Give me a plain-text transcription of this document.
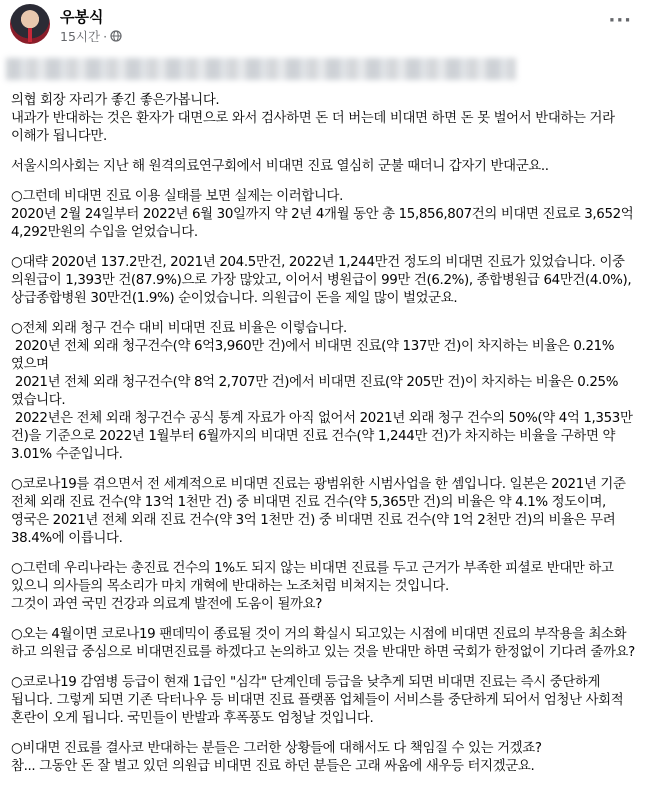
우봉식
15시간 ·
···

의협 회장 자리가 좋긴 좋은가봅니다.
내과가 반대하는 것은 환자가 대면으로 와서 검사하면 돈 더 버는데 비대면 하면 돈 못 벌어서 반대하는 거라 이해가 됩니다만.

서울시의사회는 지난 해 원격의료연구회에서 비대면 진료 열심히 군불 때더니 갑자기 반대군요..

○그런데 비대면 진료 이용 실태를 보면 실제는 이러합니다.
2020년 2월 24일부터 2022년 6월 30일까지 약 2년 4개월 동안 총 15,856,807건의 비대면 진료로 3,652억 4,292만원의 수입을 얻었습니다.

○대략 2020년 137.2만건, 2021년 204.5만건, 2022년 1,244만건 정도의 비대면 진료가 있었습니다. 이중 의원급이 1,393만 건(87.9%)으로 가장 많았고, 이어서 병원급이 99만 건(6.2%), 종합병원급 64만건(4.0%), 상급종합병원 30만건(1.9%) 순이었습니다. 의원급이 돈을 제일 많이 벌었군요.

○전체 외래 청구 건수 대비 비대면 진료 비율은 이렇습니다.
2020년 전체 외래 청구건수(약 6억3,960만 건)에서 비대면 진료(약 137만 건)이 차지하는 비율은 0.21% 였으며
2021년 전체 외래 청구건수(약 8억 2,707만 건)에서 비대면 진료(약 205만 건)이 차지하는 비율은 0.25% 였습니다.
2022년은 전체 외래 청구건수 공식 통계 자료가 아직 없어서 2021년 외래 청구 건수의 50%(약 4억 1,353만 건)을 기준으로 2022년 1월부터 6월까지의 비대면 진료 건수(약 1,244만 건)가 차지하는 비율을 구하면 약 3.01% 수준입니다.

○코로나19를 겪으면서 전 세계적으로 비대면 진료는 광범위한 시범사업을 한 셈입니다. 일본은 2021년 기준 전체 외래 진료 건수(약 13억 1천만 건) 중 비대면 진료 건수(약 5,365만 건)의 비율은 약 4.1% 정도이며, 영국은 2021년 전체 외래 진료 건수(약 3억 1천만 건) 중 비대면 진료 건수(약 1억 2천만 건)의 비율은 무려 38.4%에 이릅니다.

○그런데 우리나라는 총진료 건수의 1%도 되지 않는 비대면 진료를 두고 근거가 부족한 피셜로 반대만 하고 있으니 의사들의 목소리가 마치 개혁에 반대하는 노조처럼 비쳐지는 것입니다.
그것이 과연 국민 건강과 의료계 발전에 도움이 될까요?

○오는 4월이면 코로나19 팬데믹이 종료될 것이 거의 확실시 되고있는 시점에 비대면 진료의 부작용을 최소화 하고 의원급 중심으로 비대면진료를 하겠다고 논의하고 있는 것을 반대만 하면 국회가 한정없이 기다려 줄까요?

○코로나19 감염병 등급이 현재 1급인 "심각" 단계인데 등급을 낮추게 되면 비대면 진료는 즉시 중단하게 됩니다. 그렇게 되면 기존 닥터나우 등 비대면 진료 플랫폼 업체들이 서비스를 중단하게 되어서 엄청난 사회적 혼란이 오게 됩니다. 국민들이 반발과 후폭풍도 엄청날 것입니다.

○비대면 진료를 결사코 반대하는 분들은 그러한 상황들에 대해서도 다 책임질 수 있는 거겠죠?
참... 그동안 돈 잘 벌고 있던 의원급 비대면 진료 하던 분들은 고래 싸움에 새우등 터지겠군요.
